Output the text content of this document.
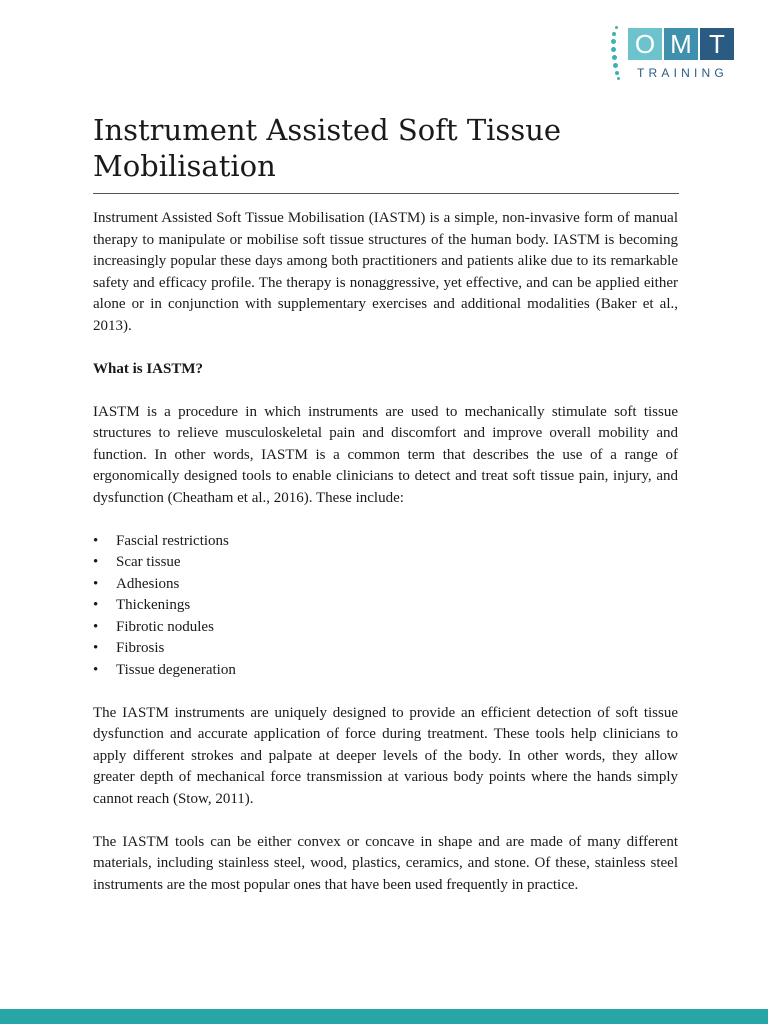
O M T
TRAINING
Instrument Assisted Soft Tissue
Mobilisation

Instrument Assisted Soft Tissue Mobilisation (IASTM) is a simple, non-invasive form of manual therapy to manipulate or mobilise soft tissue structures of the human body. IASTM is becoming increasingly popular these days among both practitioners and patients alike due to its remarkable safety and efficacy profile. The therapy is nonaggressive, yet effective, and can be applied either alone or in conjunction with supplementary exercises and additional modalities (Baker et al., 2013).

What is IASTM?

IASTM is a procedure in which instruments are used to mechanically stimulate soft tissue structures to relieve musculoskeletal pain and discomfort and improve overall mobility and function. In other words, IASTM is a common term that describes the use of a range of ergonomically designed tools to enable clinicians to detect and treat soft tissue pain, injury, and dysfunction (Cheatham et al., 2016). These include:

• Fascial restrictions
• Scar tissue
• Adhesions
• Thickenings
• Fibrotic nodules
• Fibrosis
• Tissue degeneration

The IASTM instruments are uniquely designed to provide an efficient detection of soft tissue dysfunction and accurate application of force during treatment. These tools help clinicians to apply different strokes and palpate at deeper levels of the body. In other words, they allow greater depth of mechanical force transmission at various body points where the hands simply cannot reach (Stow, 2011).

The IASTM tools can be either convex or concave in shape and are made of many different materials, including stainless steel, wood, plastics, ceramics, and stone. Of these, stainless steel instruments are the most popular ones that have been used frequently in practice.
